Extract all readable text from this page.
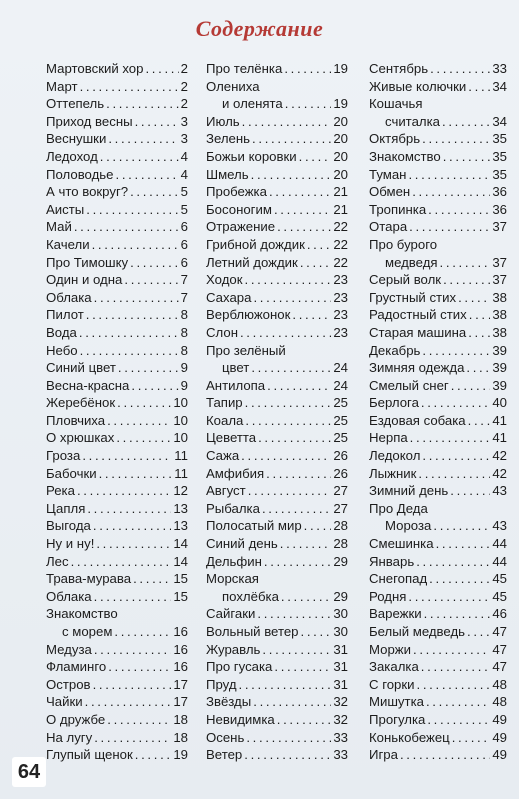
Содержание
Мартовский хор . . .	2
Март . . .	2
Оттепель . . .	2
Приход весны . . .	3
Веснушки . . .	3
Ледоход . . .	4
Половодье . . .	4
А что вокруг? . . .	5
Аисты . . .	5
Май . . .	6
Качели . . .	6
Про Тимошку . . .	6
Один и одна . . .	7
Облака . . .	7
Пилот . . .	8
Вода . . .	8
Небо . . .	8
Синий цвет . . .	9
Весна-красна . . .	9
Жеребёнок . . .	10
Пловчиха . . .	10
О хрюшках . . .	10
Гроза . . .	11
Бабочки . . .	11
Река . . .	12
Цапля . . .	13
Выгода . . .	13
Ну и ну! . . .	14
Лес . . .	14
Трава-мурава . . .	15
Облака . . .	15
Знакомство
с морем . . .	16
Медуза . . .	16
Фламинго . . .	16
Остров . . .	17
Чайки . . .	17
О дружбе . . .	18
На лугу . . .	18
Глупый щенок . . .	19
Про телёнка . . .	19
Олениха
и оленята . . .	19
Июль . . .	20
Зелень . . .	20
Божьи коровки . . .	20
Шмель . . .	20
Пробежка . . .	21
Босоногим . . .	21
Отражение . . .	22
Грибной дождик . . . 22
Летний дождик . . .	22
Ходок . . .	23
Сахара . . .	23
Верблюжонок . . .	23
Слон . . .	23
Про зелёный
цвет . . .	24
Антилопа . . .	24
Тапир . . .	25
Коала . . .	25
Цеветта . . .	25
Сажа . . .	26
Амфибия . . .	26
Август . . .	27
Рыбалка . . .	27
Полосатый мир . . . 28
Синий день . . .	28
Дельфин . . .	29
Морская
похлёбка . . .	29
Сайгаки . . .	30
Вольный ветер . . .	30
Журавль . . .	31
Про гусака . . .	31
Пруд . . .	31
Звёзды . . .	32
Невидимка . . .	32
Осень . . .	33
Ветер . . .	33
Сентябрь . . .	33
Живые колючки . . . 34
Кошачья
считалка . . .	34
Октябрь . . .	35
Знакомство . . .	35
Туман . . .	35
Обмен . . .	36
Тропинка . . .	36
Отара . . .	37
Про бурого
медведя . . .	37
Серый волк . . .	37
Грустный стих . . .	38
Радостный стих . . . 38
Старая машина . . . 38
Декабрь . . .	39
Зимняя одежда . . . 39
Смелый снег . . .	39
Берлога . . .	40
Ездовая собака . . . 41
Нерпа . . .	41
Ледокол . . .	42
Лыжник . . .	42
Зимний день . . .	43
Про Деда
Мороза . . .	43
Смешинка . . .	44
Январь . . .	44
Снегопад . . .	45
Родня . . .	45
Варежки . . .	46
Белый медведь . . . 47
Моржи . . .	47
Закалка . . .	47
С горки . . .	48
Мишутка . . .	48
Прогулка . . .	49
Конькобежец . . .	49
Игра . . .	49
64
